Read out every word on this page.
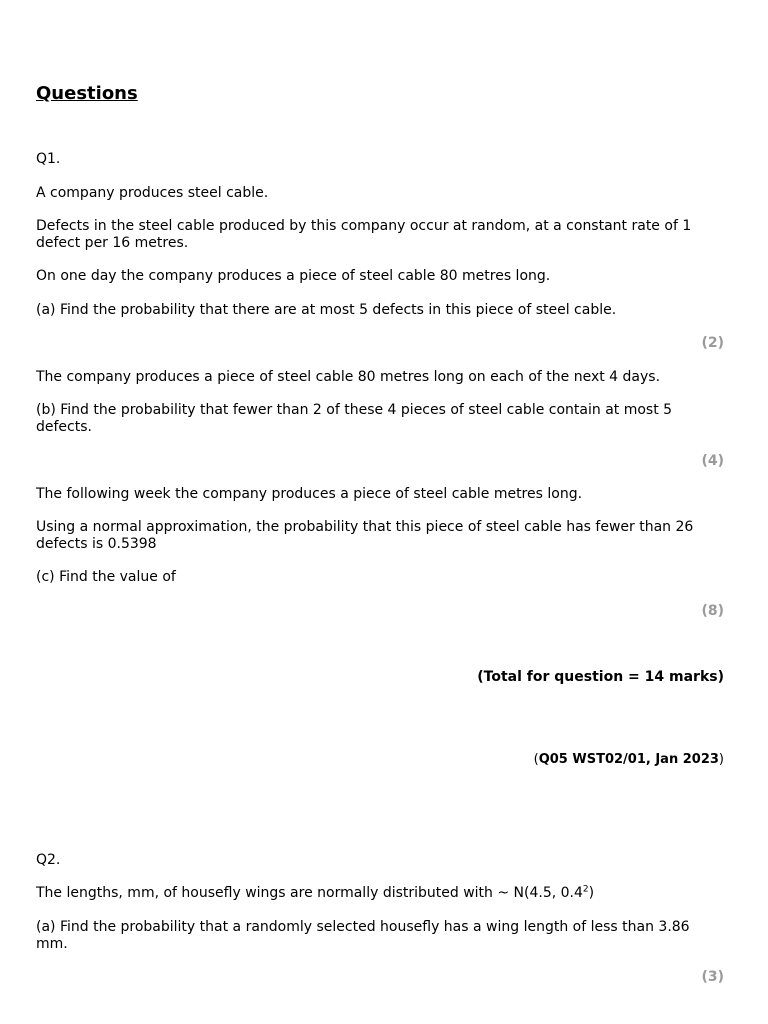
Questions
Q1.
A company produces steel cable.
Defects in the steel cable produced by this company occur at random, at a constant rate of 1 defect per 16 metres.
On one day the company produces a piece of steel cable 80 metres long.
(a) Find the probability that there are at most 5 defects in this piece of steel cable.
(2)
The company produces a piece of steel cable 80 metres long on each of the next 4 days.
(b) Find the probability that fewer than 2 of these 4 pieces of steel cable contain at most 5 defects.
(4)
The following week the company produces a piece of steel cable metres long.
Using a normal approximation, the probability that this piece of steel cable has fewer than 26 defects is 0.5398
(c) Find the value of
(8)
(Total for question = 14 marks)
(Q05 WST02/01, Jan 2023)
Q2.
The lengths, mm, of housefly wings are normally distributed with ~ N(4.5, $0.4^2$)
(a) Find the probability that a randomly selected housefly has a wing length of less than 3.86 mm.
(3)
